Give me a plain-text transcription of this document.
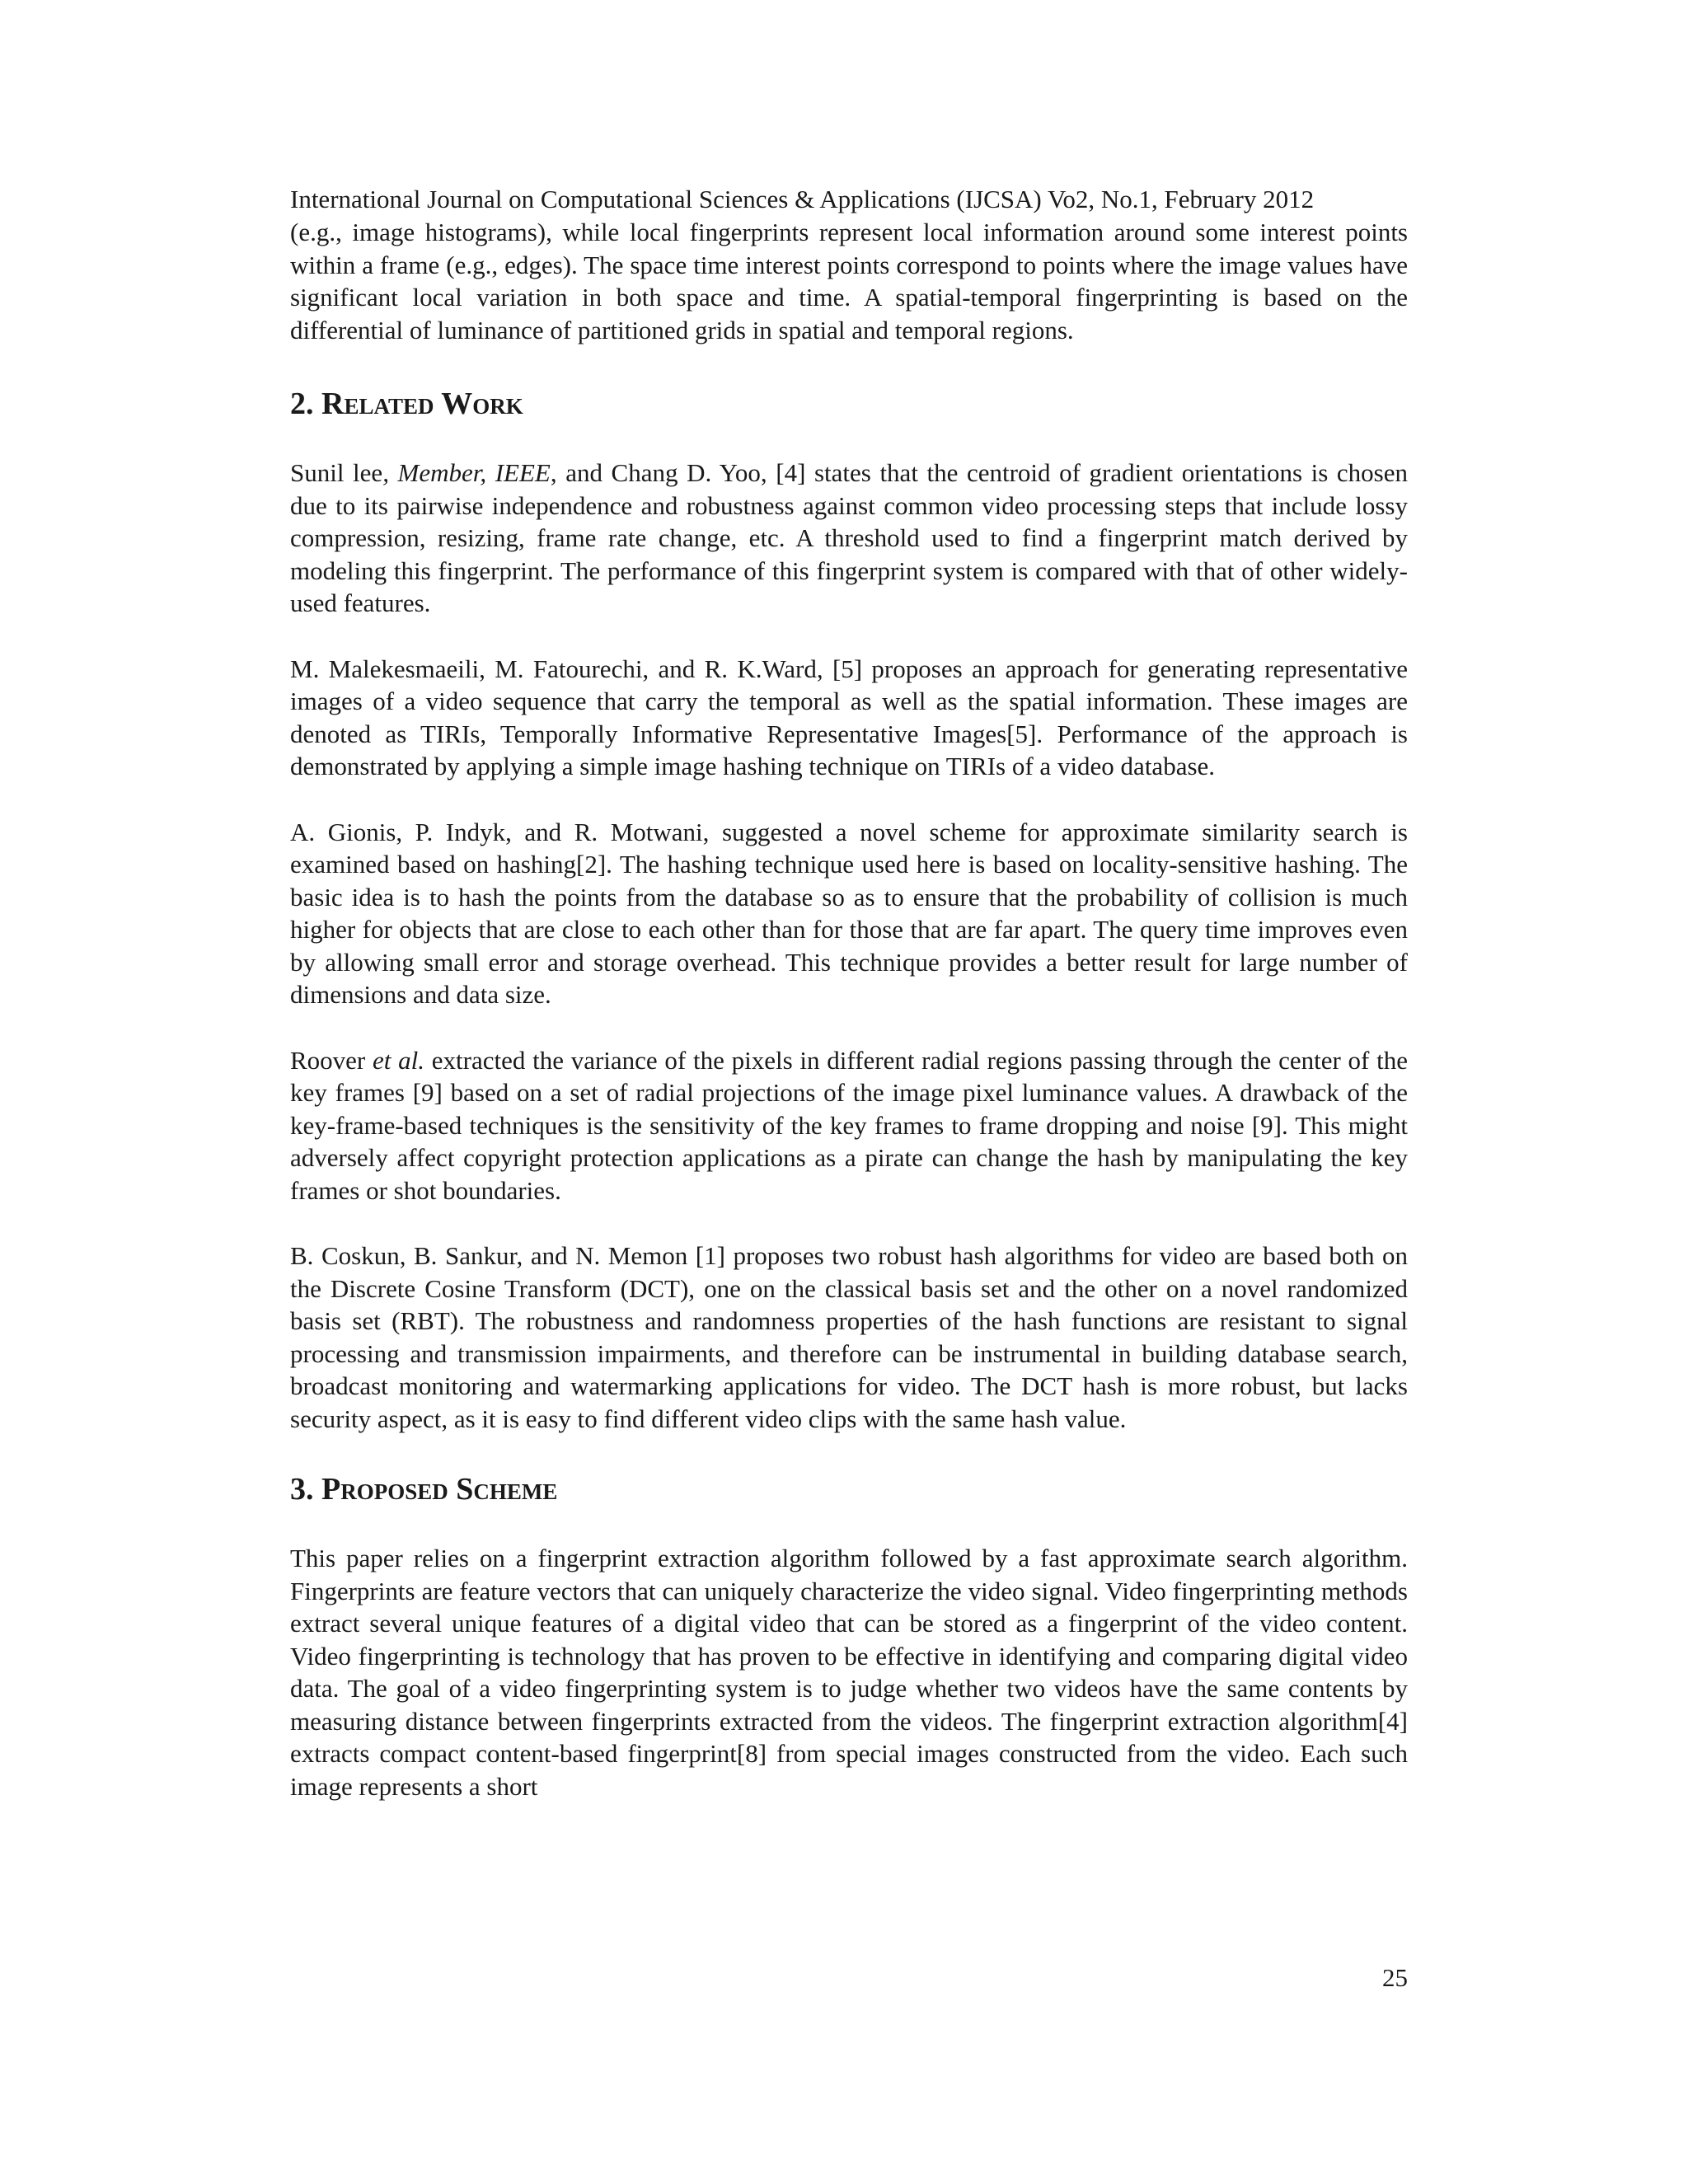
International Journal on Computational Sciences & Applications (IJCSA) Vo2, No.1, February 2012

(e.g., image histograms), while local fingerprints represent local information around some interest points within a frame (e.g., edges). The space time interest points correspond to points where the image values have significant local variation in both space and time. A spatial-temporal fingerprinting is based on the differential of luminance of partitioned grids in spatial and temporal regions.

2. Related Work

Sunil lee, Member, IEEE, and Chang D. Yoo, [4] states that the centroid of gradient orientations is chosen due to its pairwise independence and robustness against common video processing steps that include lossy compression, resizing, frame rate change, etc. A threshold used to find a fingerprint match derived by modeling this fingerprint. The performance of this fingerprint system is compared with that of other widely-used features.

M. Malekesmaeili, M. Fatourechi, and R. K.Ward, [5] proposes an approach for generating representative images of a video sequence that carry the temporal as well as the spatial information. These images are denoted as TIRIs, Temporally Informative Representative Images[5]. Performance of the approach is demonstrated by applying a simple image hashing technique on TIRIs of a video database.

A. Gionis, P. Indyk, and R. Motwani, suggested a novel scheme for approximate similarity search is examined based on hashing[2]. The hashing technique used here is based on locality-sensitive hashing. The basic idea is to hash the points from the database so as to ensure that the probability of collision is much higher for objects that are close to each other than for those that are far apart. The query time improves even by allowing small error and storage overhead. This technique provides a better result for large number of dimensions and data size.

Roover et al. extracted the variance of the pixels in different radial regions passing through the center of the key frames [9] based on a set of radial projections of the image pixel luminance values. A drawback of the key-frame-based techniques is the sensitivity of the key frames to frame dropping and noise [9]. This might adversely affect copyright protection applications as a pirate can change the hash by manipulating the key frames or shot boundaries.

B. Coskun, B. Sankur, and N. Memon [1] proposes two robust hash algorithms for video are based both on the Discrete Cosine Transform (DCT), one on the classical basis set and the other on a novel randomized basis set (RBT). The robustness and randomness properties of the hash functions are resistant to signal processing and transmission impairments, and therefore can be instrumental in building database search, broadcast monitoring and watermarking applications for video. The DCT hash is more robust, but lacks security aspect, as it is easy to find different video clips with the same hash value.

3. Proposed Scheme

This paper relies on a fingerprint extraction algorithm followed by a fast approximate search algorithm. Fingerprints are feature vectors that can uniquely characterize the video signal. Video fingerprinting methods extract several unique features of a digital video that can be stored as a fingerprint of the video content. Video fingerprinting is technology that has proven to be effective in identifying and comparing digital video data. The goal of a video fingerprinting system is to judge whether two videos have the same contents by measuring distance between fingerprints extracted from the videos. The fingerprint extraction algorithm[4] extracts compact content-based fingerprint[8] from special images constructed from the video. Each such image represents a short

25
